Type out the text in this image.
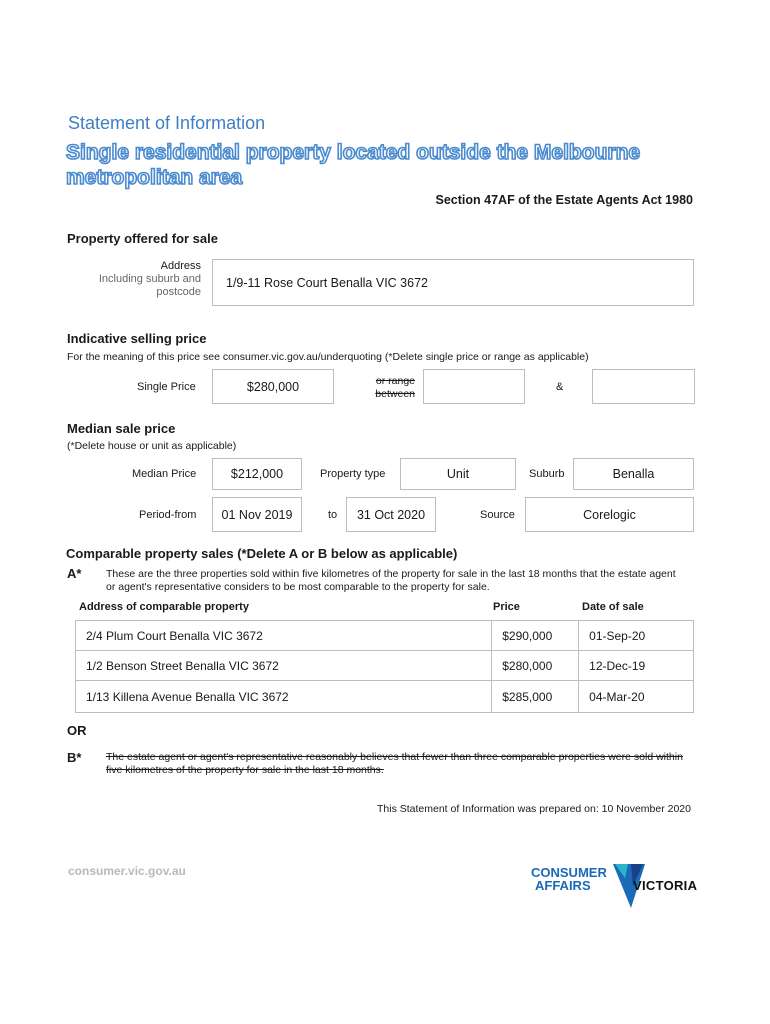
Statement of Information
Single residential property located outside the Melbourne metropolitan area
Section 47AF of the Estate Agents Act 1980
Property offered for sale
Address
Including suburb and
postcode
1/9-11 Rose Court Benalla VIC 3672
Indicative selling price
For the meaning of this price see consumer.vic.gov.au/underquoting (*Delete single price or range as applicable)
Single Price	$280,000	or range
between
&
Median sale price
(*Delete house or unit as applicable)
Median Price	$212,000	Property type	Unit	Suburb	Benalla
Period-from 01 Nov 2019	to 31 Oct 2020	Source	Corelogic
Comparable property sales (*Delete A or B below as applicable)
A* These are the three properties sold within five kilometres of the property for sale in the last 18 months that the estate agent or agent's representative considers to be most comparable to the property for sale.
Address of comparable property	Price	Date of sale
2/4 Plum Court Benalla VIC 3672	$290,000	01-Sep-20
1/2 Benson Street Benalla VIC 3672	$280,000	12-Dec-19
1/13 Killena Avenue Benalla VIC 3672	$285,000	04-Mar-20
OR
B* The estate agent or agent's representative reasonably believes that fewer than three comparable properties were sold within five kilometres of the property for sale in the last 18 months.
This Statement of Information was prepared on: 10 November 2020
consumer.vic.gov.au	CONSUMER
AFFAIRS	VICTORIA
